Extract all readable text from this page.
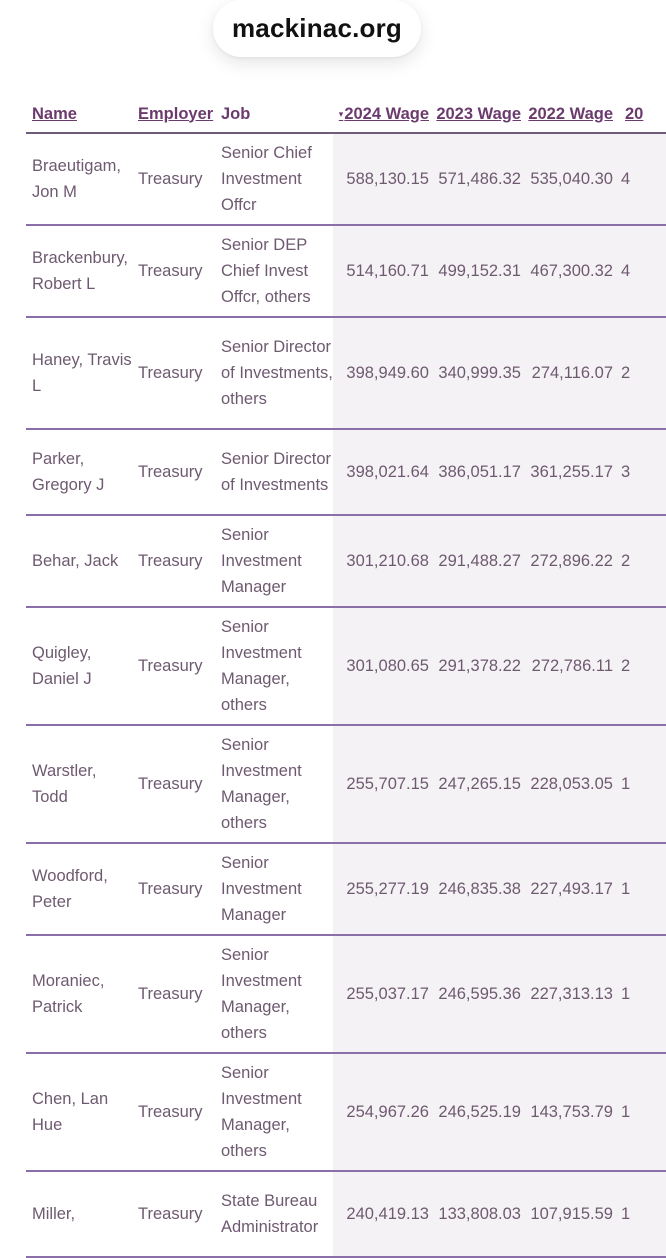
mackinac.org
Name	Employer	Job	▾2024 Wage	2023 Wage	2022 Wage	20
Braeutigam, Jon M	Treasury	Senior Chief Investment Offcr	588,130.15	571,486.32	535,040.30	4
Brackenbury, Robert L	Treasury	Senior DEP Chief Invest Offcr, others	514,160.71	499,152.31	467,300.32	4
Haney, Travis L	Treasury	Senior Director of Investments, others	398,949.60	340,999.35	274,116.07	2
Parker, Gregory J	Treasury	Senior Director of Investments	398,021.64	386,051.17	361,255.17	3
Behar, Jack	Treasury	Senior Investment Manager	301,210.68	291,488.27	272,896.22	2
Quigley, Daniel J	Treasury	Senior Investment Manager, others	301,080.65	291,378.22	272,786.11	2
Warstler, Todd	Treasury	Senior Investment Manager, others	255,707.15	247,265.15	228,053.05	1
Woodford, Peter	Treasury	Senior Investment Manager	255,277.19	246,835.38	227,493.17	1
Moraniec, Patrick	Treasury	Senior Investment Manager, others	255,037.17	246,595.36	227,313.13	1
Chen, Lan Hue	Treasury	Senior Investment Manager, others	254,967.26	246,525.19	143,753.79	1
Miller,	Treasury	State Bureau Administrator	240,419.13	133,808.03	107,915.59	1
